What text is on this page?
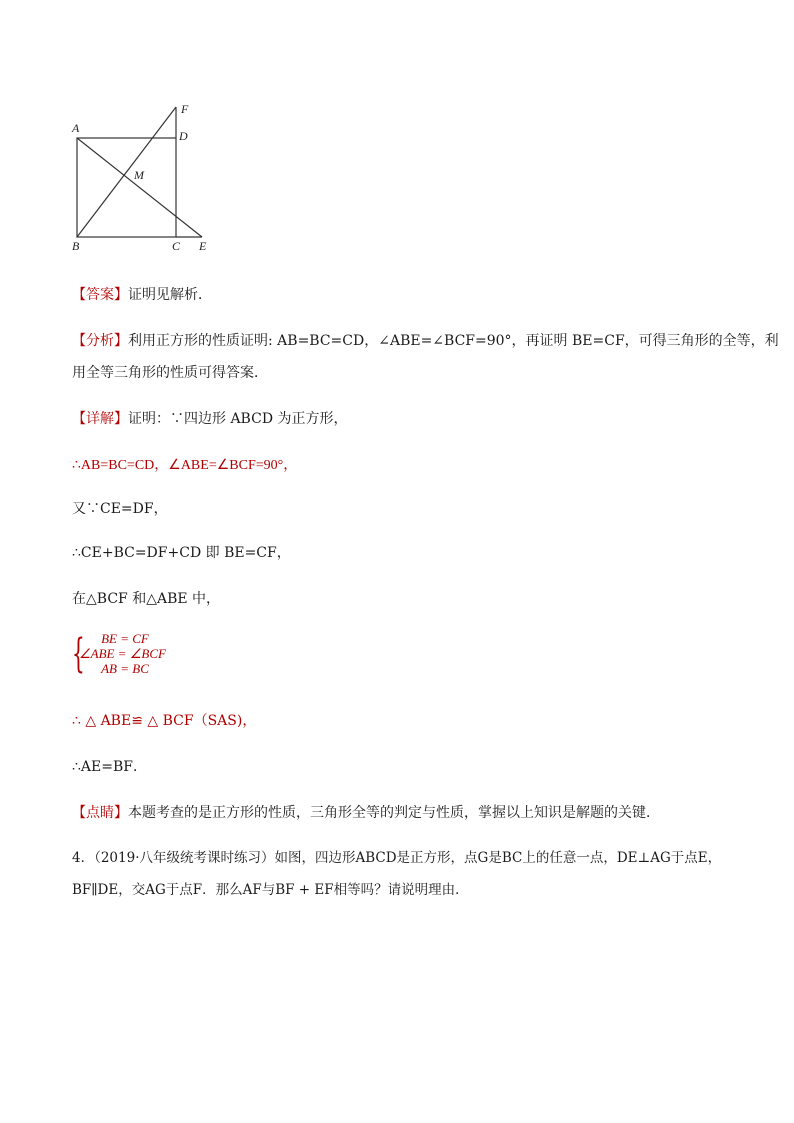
A
B	C
D
E
F
M
【答案】证明见解析．
【分析】利用正方形的性质证明: AB=BC=CD，∠ABE=∠BCF=90°，再证明 BE=CF，可得三角形的全等，利
用全等三角形的性质可得答案．
【详解】证明：∵四边形 ABCD 为正方形，
∴AB=BC=CD，∠ABE=∠BCF=90°，
又∵CE=DF，
∴CE+BC=DF+CD 即 BE=CF，
在△BCF 和△ABE 中，
{	BE = CF
∠ABE = ∠BCF
AB = BC
∴ △ ABE≌ △ BCF（SAS)，
∴AE=BF．
【点睛】本题考查的是正方形的性质，三角形全等的判定与性质，掌握以上知识是解题的关键．
4．（2019·八年级统考课时练习）如图，四边形ABCD是正方形，点G是BC上的任意一点，DE⊥AG于点E，
BF∥DE，交AG于点F．那么AF与BF + EF相等吗？请说明理由．
